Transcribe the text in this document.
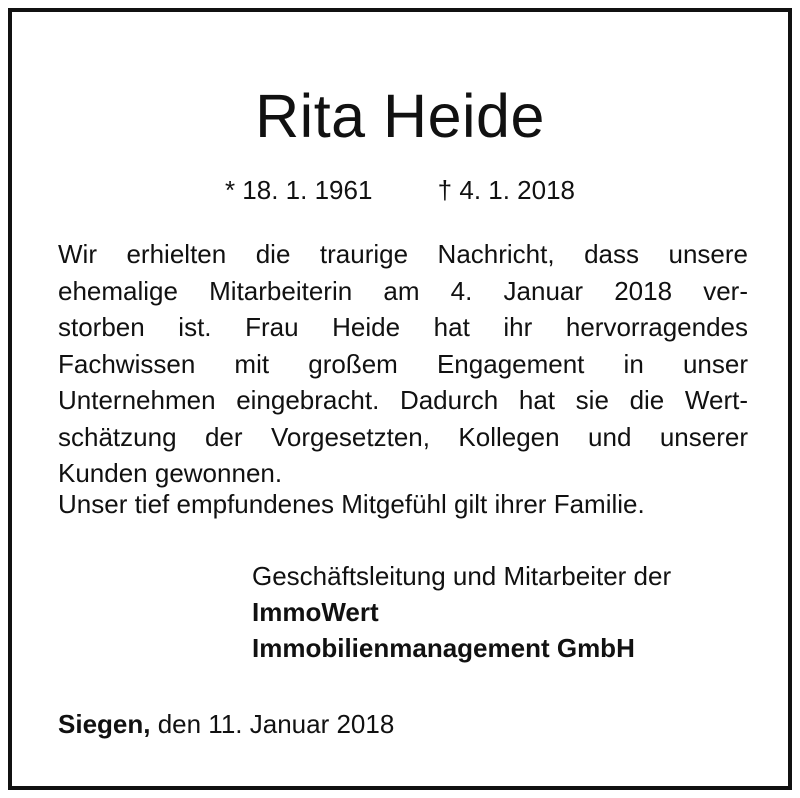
Rita Heide
* 18. 1. 1961	† 4. 1. 2018
Wir erhielten die traurige Nachricht, dass unsere
ehemalige Mitarbeiterin am 4. Januar 2018 ver-
storben ist. Frau Heide hat ihr hervorragendes
Fachwissen mit großem Engagement in unser
Unternehmen eingebracht. Dadurch hat sie die Wert-
schätzung der Vorgesetzten, Kollegen und unserer
Kunden gewonnen.
Unser tief empfundenes Mitgefühl gilt ihrer Familie.
Geschäftsleitung und Mitarbeiter der
ImmoWert
Immobilienmanagement GmbH
Siegen, den 11. Januar 2018
